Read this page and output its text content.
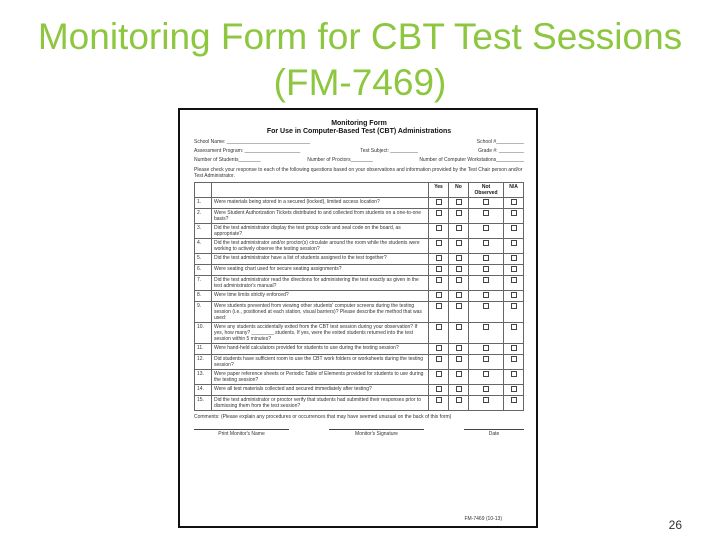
Monitoring Form for CBT Test Sessions
(FM-7469)
Monitoring Form
For Use in Computer-Based Test (CBT) Administrations
School Name: ______________________________	School #__________
Assessment Program: ____________________	Test Subject: __________	Grade #: _________
Number of Students________	Number of Proctors________	Number of Computer Workstations__________
Please check your response to each of the following questions based on your observations and information provided by the Test Chair person and/or Test Administrator.
		Yes	No	Not Observed	N/A
1.	Were materials being stored in a secured (locked), limited access location?				
2.	Were Student Authorization Tickets distributed to and collected from students on a one-to-one basis?				
3.	Did the test administrator display the test group code and seal code on the board, as appropriate?				
4.	Did the test administrator and/or proctor(s) circulate around the room while the students were working to actively observe the testing session?				
5.	Did the test administrator have a list of students assigned to the test together?				
6.	Were seating chart used for secure seating assignments?				
7.	Did the test administrator read the directions for administering the test exactly as given in the test administrator's manual?				
8.	Were time limits strictly enforced?				
9.	Were students prevented from viewing other students' computer screens during the testing session (i.e., positioned at each station, visual barriers)? Please describe the method that was used:				
10.	Were any students accidentally exited from the CBT test session during your observation? If yes, how many? ________ students. If yes, were the exited students returned into the test session within 5 minutes?				
11.	Were hand-held calculators provided for students to use during the testing session?				
12.	Did students have sufficient room to use the CBT work folders or worksheets during the testing session?				
13.	Were paper reference sheets or Periodic Table of Elements provided for students to use during the testing session?				
14.	Were all test materials collected and secured immediately after testing?				
15.	Did the test administrator or proctor verify that students had submitted their responses prior to dismissing them from the test session?				
Comments: (Please explain any procedures or occurrences that may have seemed unusual on the back of this form)
Print Monitor's Name	Monitor's Signature	Date
FM-7469 (10-13)	26
